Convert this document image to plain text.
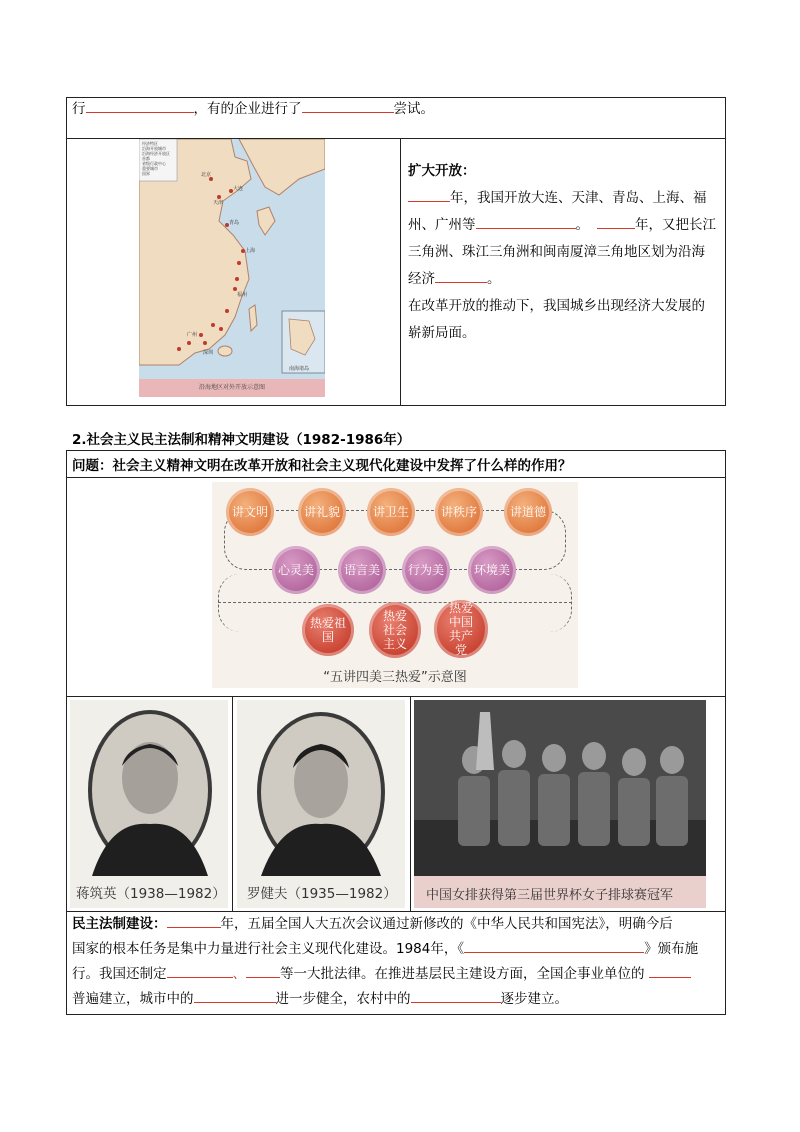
行	，有的企业进行了	尝试。
经济特区
沿海开放城市
沿海经济开放区
首都
省级行政中心
重要城市
国界	北京
大连
天津
青岛
上海
福州
广州
深圳
南海诸岛
沿海地区对外开放示意图
扩大开放：
年，我国开放大连、天津、青岛、上海、福
州、广州等	。	年，又把长江
三角洲、珠江三角洲和闽南厦漳三角地区划为沿海
经济	。
在改革开放的推动下，我国城乡出现经济大发展的
崭新局面。
2.社会主义民主法制和精神文明建设（1982-1986年）
问题：社会主义精神文明在改革开放和社会主义现代化建设中发挥了什么样的作用？
讲文明	讲礼貌	讲卫生	讲秩序	讲道德
心灵美	语言美	行为美	环境美
热爱祖国
热爱社会主义
热爱中国共产党
“五讲四美三热爱”示意图
蒋筑英（1938—1982） 罗健夫（1935—1982） 中国女排获得第三届世界杯女子排球赛冠军
民主法制建设：	年，五届全国人大五次会议通过新修改的《中华人民共和国宪法》，明确今后
国家的根本任务是集中力量进行社会主义现代化建设。1984年，《	》颁布施
行。我国还制定	、	等一大批法律。在推进基层民主建设方面，全国企事业单位的
普遍建立，城市中的	进一步健全，农村中的	逐步建立。
